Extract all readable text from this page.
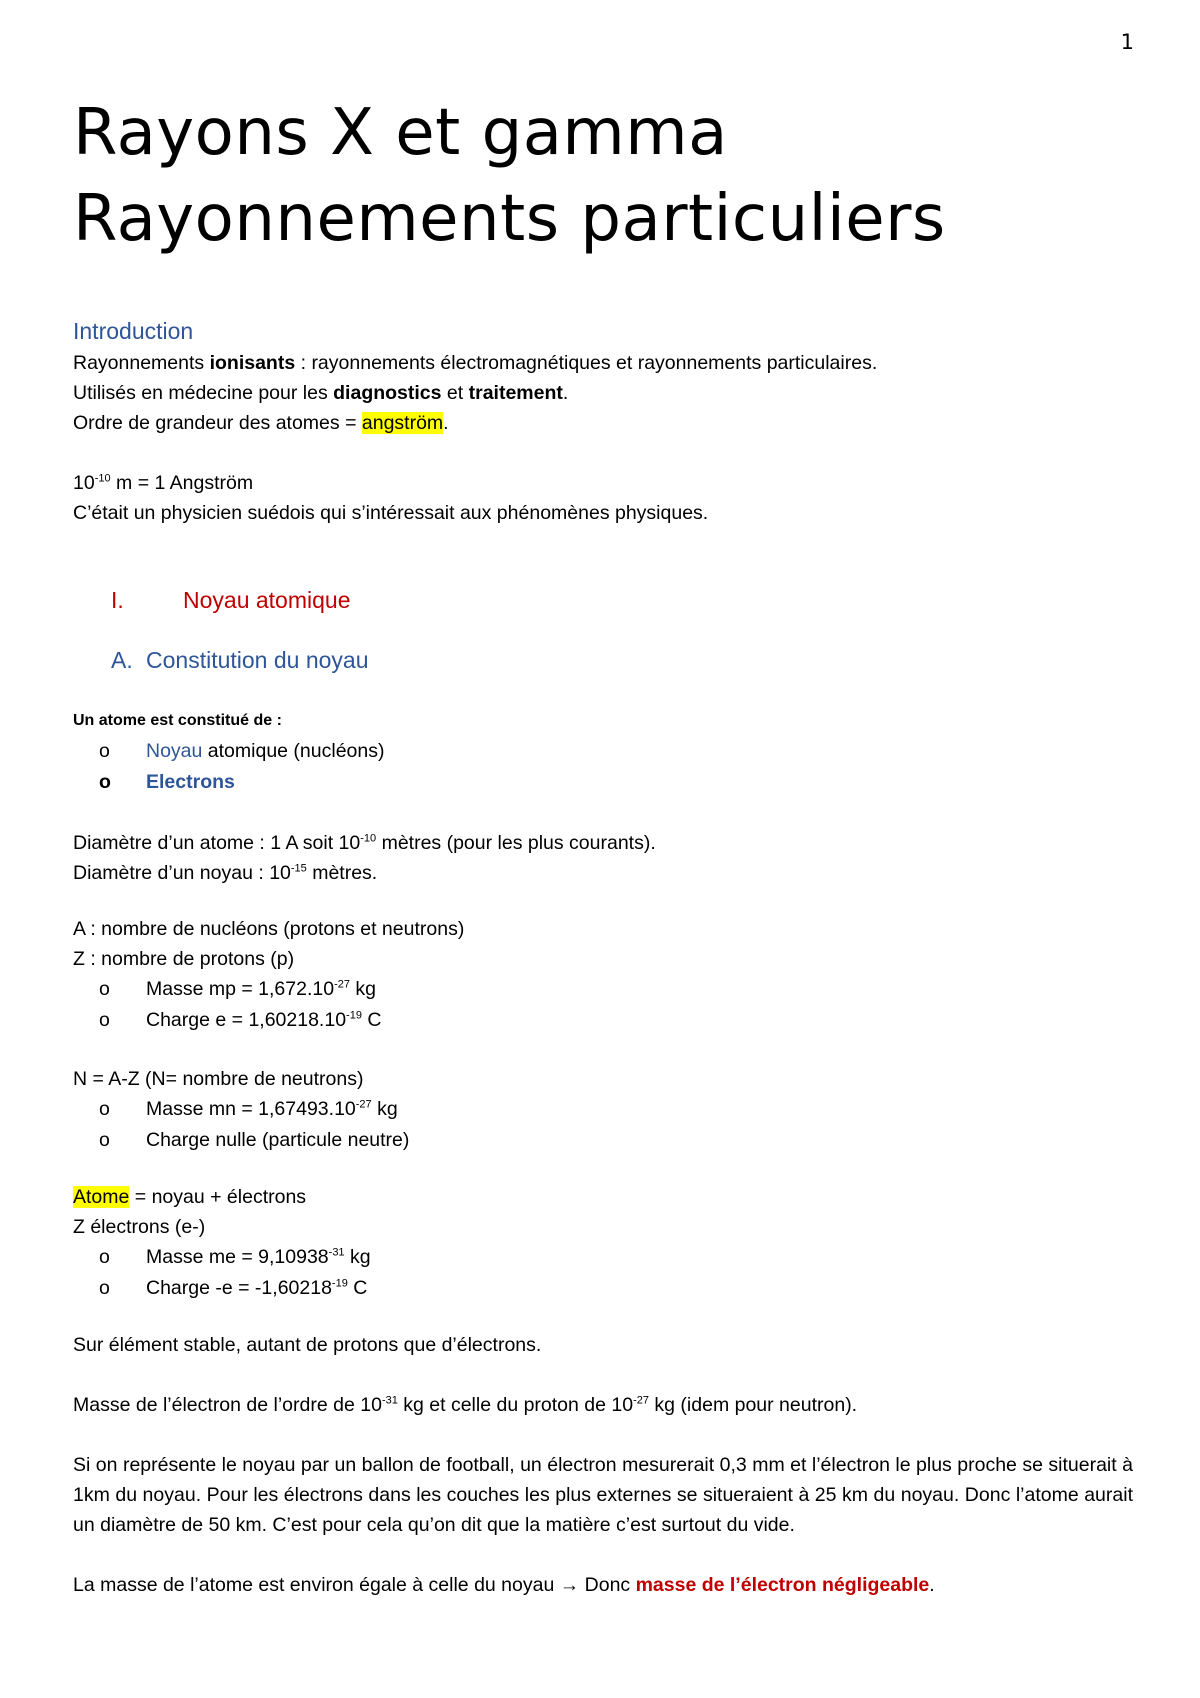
1
Rayons X et gamma
Rayonnements particuliers
Introduction

Rayonnements ionisants : rayonnements électromagnétiques et rayonnements particulaires.

Utilisés en médecine pour les diagnostics et traitement.

Ordre de grandeur des atomes = angström.

$10^{-10}$ m = 1 Angström

C’était un physicien suédois qui s’intéressait aux phénomènes physiques.

I.	Noyau atomique
A. Constitution du noyau

Un atome est constitué de :

o Noyau atomique (nucléons)
o Electrons

Diamètre d’un atome : 1 A soit $10^{-10}$ mètres (pour les plus courants).

Diamètre d’un noyau : $10^{-15}$ mètres.

A : nombre de nucléons (protons et neutrons)

Z : nombre de protons (p)

o Masse mp = $1,672.10^{-27}$ kg
o Charge $e = 1,60218.10^{-19}$ C

N = A-Z (N= nombre de neutrons)

o Masse mn = $1,67493.10^{-27}$ kg
o Charge nulle (particule neutre)

Atome = noyau + électrons

Z électrons (e-)

o Masse me = $9,10938^{-31}$ kg
o Charge $-e = -1,60218^{-19}$ C

Sur élément stable, autant de protons que d’électrons.

Masse de l’électron de l’ordre de $10^{-31}$ kg et celle du proton de $10^{-27}$ kg (idem pour neutron).

Si on représente le noyau par un ballon de football, un électron mesurerait 0,3 mm et l’électron le plus proche se situerait à 1km du noyau. Pour les électrons dans les couches les plus externes se situeraient à 25 km du noyau. Donc l’atome aurait un diamètre de 50 km. C’est pour cela qu’on dit que la matière c’est surtout du vide.

La masse de l’atome est environ égale à celle du noyau → Donc masse de l’électron négligeable.
